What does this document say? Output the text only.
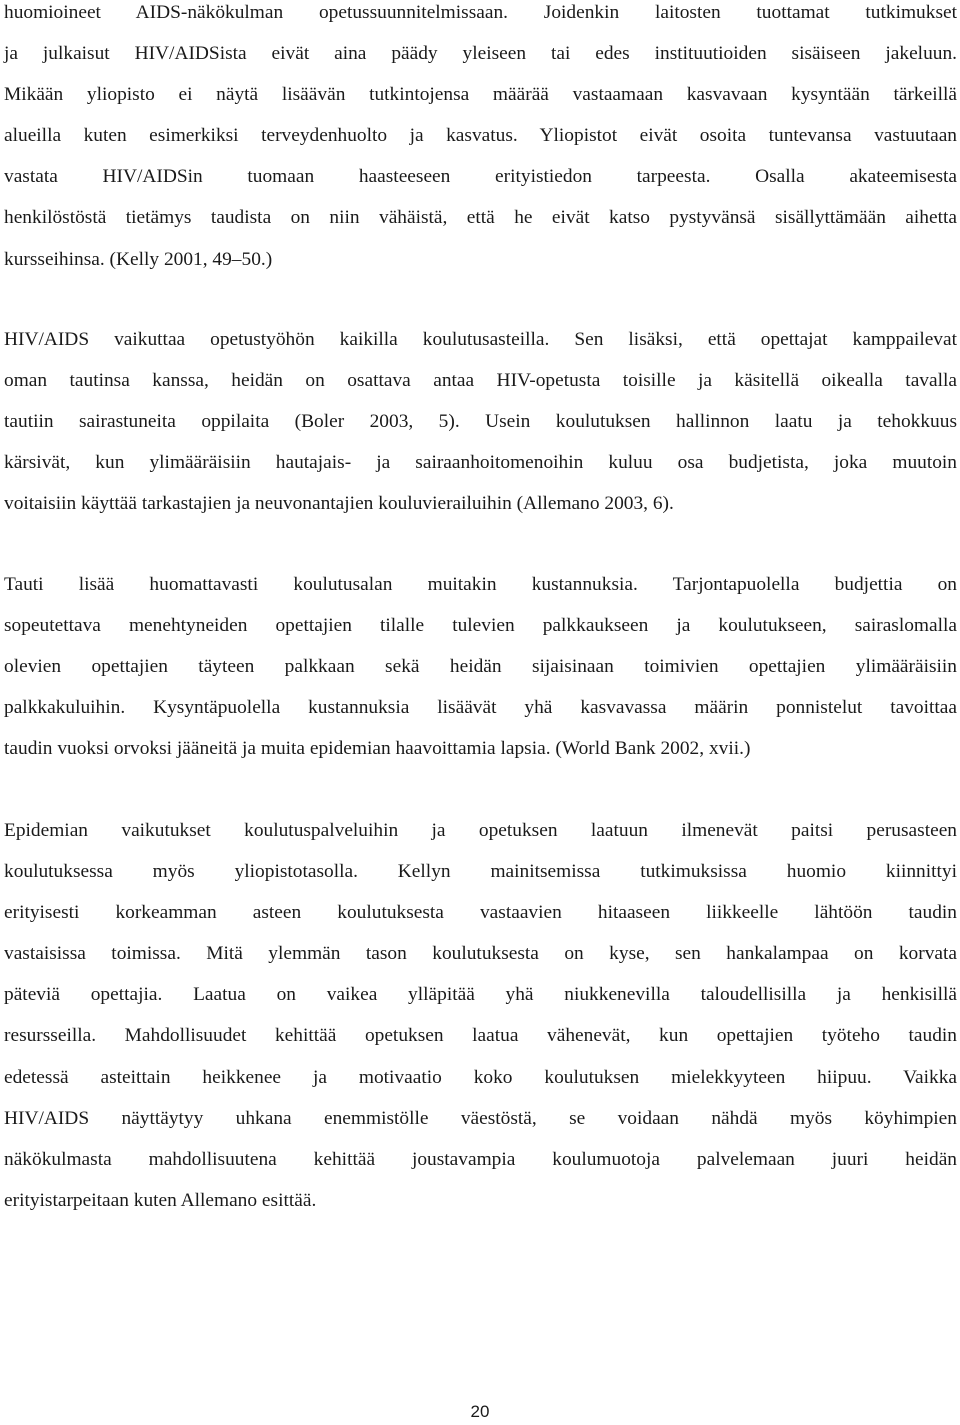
huomioineet AIDS-näkökulman opetussuunnitelmissaan. Joidenkin laitosten tuottamat tutkimukset
ja julkaisut HIV/AIDSista eivät aina päädy yleiseen tai edes instituutioiden sisäiseen jakeluun.
Mikään yliopisto ei näytä lisäävän tutkintojensa määrää vastaamaan kasvavaan kysyntään tärkeillä
alueilla kuten esimerkiksi terveydenhuolto ja kasvatus. Yliopistot eivät osoita tuntevansa vastuutaan
vastata HIV/AIDSin tuomaan haasteeseen erityistiedon tarpeesta. Osalla akateemisesta
henkilöstöstä tietämys taudista on niin vähäistä, että he eivät katso pystyvänsä sisällyttämään aihetta
kursseihinsa. (Kelly 2001, 49‒50.)
HIV/AIDS vaikuttaa opetustyöhön kaikilla koulutusasteilla. Sen lisäksi, että opettajat kamppailevat
oman tautinsa kanssa, heidän on osattava antaa HIV-opetusta toisille ja käsitellä oikealla tavalla
tautiin sairastuneita oppilaita (Boler 2003, 5). Usein koulutuksen hallinnon laatu ja tehokkuus
kärsivät, kun ylimääräisiin hautajais- ja sairaanhoitomenoihin kuluu osa budjetista, joka muutoin
voitaisiin käyttää tarkastajien ja neuvonantajien kouluvierailuihin (Allemano 2003, 6).
Tauti lisää huomattavasti koulutusalan muitakin kustannuksia. Tarjontapuolella budjettia on
sopeutettava menehtyneiden opettajien tilalle tulevien palkkaukseen ja koulutukseen, sairaslomalla
olevien opettajien täyteen palkkaan sekä heidän sijaisinaan toimivien opettajien ylimääräisiin
palkkakuluihin. Kysyntäpuolella kustannuksia lisäävät yhä kasvavassa määrin ponnistelut tavoittaa
taudin vuoksi orvoksi jääneitä ja muita epidemian haavoittamia lapsia. (World Bank 2002, xvii.)
Epidemian vaikutukset koulutuspalveluihin ja opetuksen laatuun ilmenevät paitsi perusasteen
koulutuksessa myös yliopistotasolla. Kellyn mainitsemissa tutkimuksissa huomio kiinnittyi
erityisesti korkeamman asteen koulutuksesta vastaavien hitaaseen liikkeelle lähtöön taudin
vastaisissa toimissa. Mitä ylemmän tason koulutuksesta on kyse, sen hankalampaa on korvata
päteviä opettajia. Laatua on vaikea ylläpitää yhä niukkenevilla taloudellisilla ja henkisillä
resursseilla. Mahdollisuudet kehittää opetuksen laatua vähenevät, kun opettajien työteho taudin
edetessä asteittain heikkenee ja motivaatio koko koulutuksen mielekkyyteen hiipuu. Vaikka
HIV/AIDS näyttäytyy uhkana enemmistölle väestöstä, se voidaan nähdä myös köyhimpien
näkökulmasta mahdollisuutena kehittää joustavampia koulumuotoja palvelemaan juuri heidän
erityistarpeitaan kuten Allemano esittää.
20
